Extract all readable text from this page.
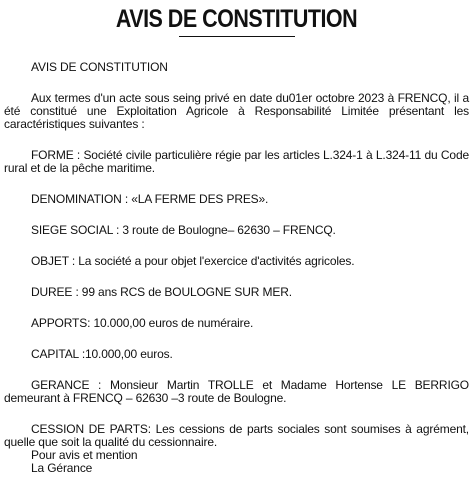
AVIS DE CONSTITUTION

AVIS DE CONSTITUTION

Aux termes d'un acte sous seing privé en date du01er octobre 2023 à FRENCQ, il a été constitué une Exploitation Agricole à Responsabilité Limitée présentant les caractéristiques suivantes :

FORME : Société civile particulière régie par les articles L.324-1 à L.324-11 du Code rural et de la pêche maritime.

DENOMINATION : «LA FERME DES PRES».

SIEGE SOCIAL : 3 route de Boulogne– 62630 – FRENCQ.

OBJET : La société a pour objet l'exercice d'activités agricoles.

DUREE : 99 ans RCS de BOULOGNE SUR MER.

APPORTS: 10.000,00 euros de numéraire.

CAPITAL :10.000,00 euros.

GERANCE : Monsieur Martin TROLLE et Madame Hortense LE BERRIGO demeurant à FRENCQ – 62630 –3 route de Boulogne.

CESSION DE PARTS: Les cessions de parts sociales sont soumises à agrément, quelle que soit la qualité du cessionnaire.

Pour avis et mention

La Gérance
